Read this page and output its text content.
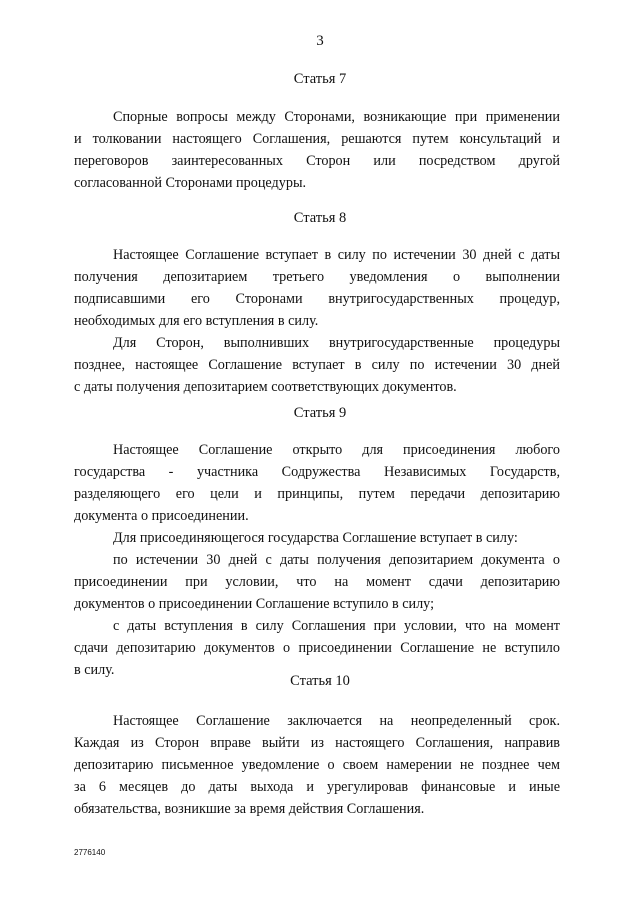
3
Статья 7
Спорные вопросы между Сторонами, возникающие при применении
и толковании настоящего Соглашения, решаются путем консультаций и
переговоров заинтересованных Сторон или посредством другой
согласованной Сторонами процедуры.
Статья 8
Настоящее Соглашение вступает в силу по истечении 30 дней с даты
получения депозитарием третьего уведомления о выполнении
подписавшими его Сторонами внутригосударственных процедур,
необходимых для его вступления в силу.
Для Сторон, выполнивших внутригосударственные процедуры
позднее, настоящее Соглашение вступает в силу по истечении 30 дней
с даты получения депозитарием соответствующих документов.
Статья 9
Настоящее Соглашение открыто для присоединения любого
государства - участника Содружества Независимых Государств,
разделяющего его цели и принципы, путем передачи депозитарию
документа о присоединении.
Для присоединяющегося государства Соглашение вступает в силу:
по истечении 30 дней с даты получения депозитарием документа о
присоединении при условии, что на момент сдачи депозитарию
документов о присоединении Соглашение вступило в силу;
с даты вступления в силу Соглашения при условии, что на момент
сдачи депозитарию документов о присоединении Соглашение не вступило
в силу.
Статья 10
Настоящее Соглашение заключается на неопределенный срок.
Каждая из Сторон вправе выйти из настоящего Соглашения, направив
депозитарию письменное уведомление о своем намерении не позднее чем
за 6 месяцев до даты выхода и урегулировав финансовые и иные
обязательства, возникшие за время действия Соглашения.
2776140
